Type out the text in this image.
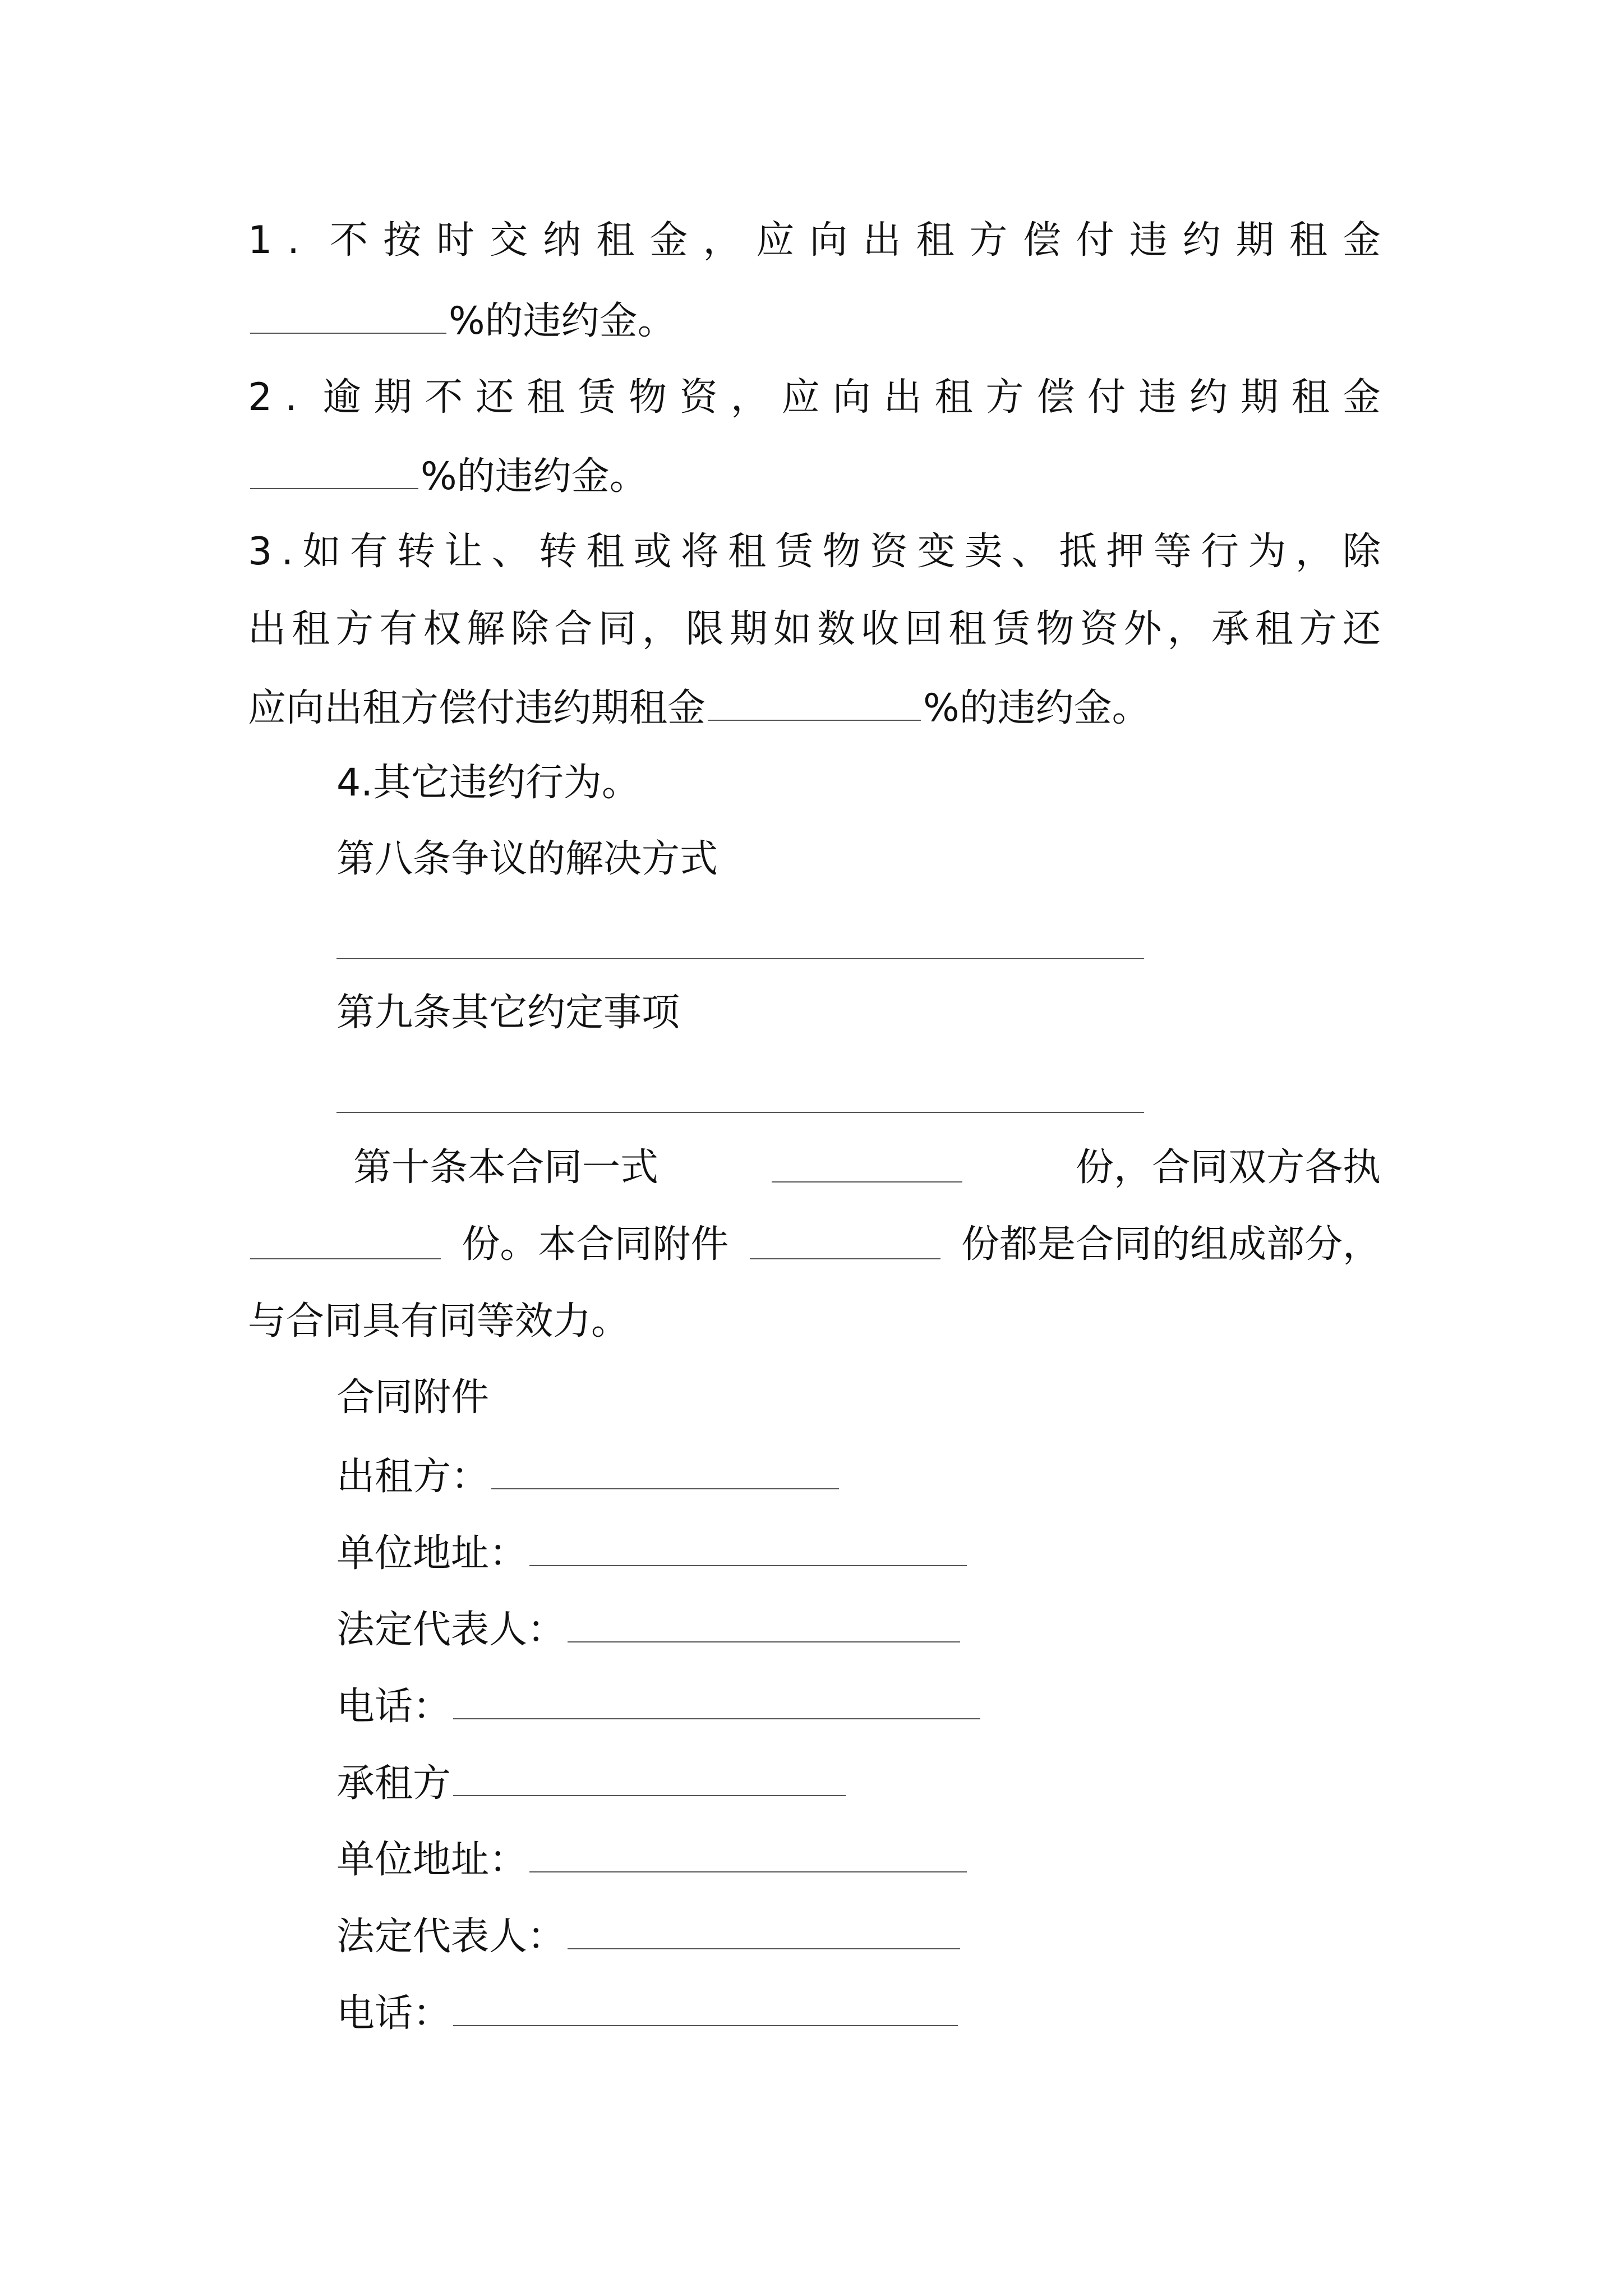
1 . 不 按 时 交 纳 租 金 ， 应 向 出 租 方 偿 付 违 约 期 租 金
%的违约金。
2 . 逾 期 不 还 租 赁 物 资 ， 应 向 出 租 方 偿 付 违 约 期 租 金
%的违约金。
3 . 如 有 转 让 、 转 租 或 将 租 赁 物 资 变 卖 、 抵 押 等 行 为 ， 除
出 租 方 有 权 解 除 合 同 ， 限 期 如 数 收 回 租 赁 物 资 外 ， 承 租 方 还
应向出租方偿付违约期租金	%的违约金。
4.其它违约行为。
第八条争议的解决方式
第九条其它约定事项
第十条本合同一式	份，合同双方各执
份。本合同附件	份都是合同的组成部分，
与合同具有同等效力。
合同附件
出租方：
单位地址：
法定代表人：
电话：
承租方
单位地址：
法定代表人：
电话：
